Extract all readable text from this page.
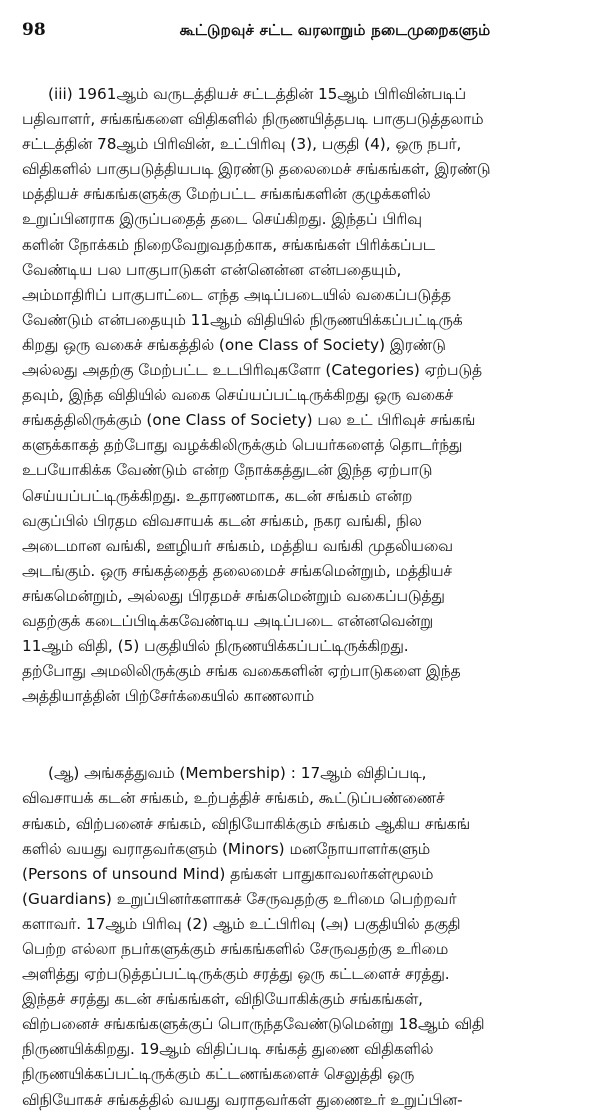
98	கூட்டுறவுச் சட்ட வரலாறும் நடைமுறைகளும்
(iii) 1961ஆம் வருடத்தியச் சட்டத்தின் 15ஆம் பிரிவின்படிப்
பதிவாளர், சங்கங்களை விதிகளில் நிருணயித்தபடி பாகுபடுத்தலாம்
சட்டத்தின் 78ஆம் பிரிவின், உட்பிரிவு (3), பகுதி (4), ஒரு நபர்,
விதிகளில் பாகுபடுத்தியபடி இரண்டு தலைமைச் சங்கங்கள், இரண்டு
மத்தியச் சங்கங்களுக்கு மேற்பட்ட சங்கங்களின் குழுக்களில்
உறுப்பினராக இருப்பதைத் தடை செய்கிறது. இந்தப் பிரிவு
களின் நோக்கம் நிறைவேறுவதற்காக, சங்கங்கள் பிரிக்கப்பட
வேண்டிய பல பாகுபாடுகள் என்னென்ன என்பதையும்,
அம்மாதிரிப் பாகுபாட்டை எந்த அடிப்படையில் வகைப்படுத்த
வேண்டும் என்பதையும் 11ஆம் விதியில் நிருணயிக்கப்பட்டிருக்
கிறது ஒரு வகைச் சங்கத்தில் (one Class of Society) இரண்டு
அல்லது அதற்கு மேற்பட்ட உடபிரிவுகளோ (Categories) ஏற்படுத்
தவும், இந்த விதியில் வகை செய்யப்பட்டிருக்கிறது ஒரு வகைச்
சங்கத்திலிருக்கும் (one Class of Society) பல உட் பிரிவுச் சங்கங்
களுக்காகத் தற்போது வழக்கிலிருக்கும் பெயர்களைத் தொடர்ந்து
உபயோகிக்க வேண்டும் என்ற நோக்கத்துடன் இந்த ஏற்பாடு
செய்யப்பட்டிருக்கிறது. உதாரணமாக, கடன் சங்கம் என்ற
வகுப்பில் பிரதம விவசாயக் கடன் சங்கம், நகர வங்கி, நில
அடைமான வங்கி, ஊழியர் சங்கம், மத்திய வங்கி முதலியவை
அடங்கும். ஒரு சங்கத்தைத் தலைமைச் சங்கமென்றும், மத்தியச்
சங்கமென்றும், அல்லது பிரதமச் சங்கமென்றும் வகைப்படுத்து
வதற்குக் கடைப்பிடிக்கவேண்டிய அடிப்படை என்னவென்று
11ஆம் விதி, (5) பகுதியில் நிருணயிக்கப்பட்டிருக்கிறது.
தற்போது அமலிலிருக்கும் சங்க வகைகளின் ஏற்பாடுகளை இந்த
அத்தியாத்தின் பிற்சேர்க்கையில் காணலாம்
(ஆ) அங்கத்துவம் (Membership) : 17ஆம் விதிப்படி,
விவசாயக் கடன் சங்கம், உற்பத்திச் சங்கம், கூட்டுப்பண்ணைச்
சங்கம், விற்பனைச் சங்கம், விநியோகிக்கும் சங்கம் ஆகிய சங்கங்
களில் வயது வராதவர்களும் (Minors) மனநோயாளர்களும்
(Persons of unsound Mind) தங்கள் பாதுகாவலர்கள்மூலம்
(Guardians) உறுப்பினர்களாகச் சேருவதற்கு உரிமை பெற்றவர்
களாவர். 17ஆம் பிரிவு (2) ஆம் உட்பிரிவு (அ) பகுதியில் தகுதி
பெற்ற எல்லா நபர்களுக்கும் சங்கங்களில் சேருவதற்கு உரிமை
அளித்து ஏற்படுத்தப்பட்டிருக்கும் சரத்து ஒரு கட்டளைச் சரத்து.
இந்தச் சரத்து கடன் சங்கங்கள், விநியோகிக்கும் சங்கங்கள்,
விற்பனைச் சங்கங்களுக்குப் பொருந்தவேண்டுமென்று 18ஆம் விதி
நிருணயிக்கிறது. 19ஆம் விதிப்படி சங்கத் துணை விதிகளில்
நிருணயிக்கப்பட்டிருக்கும் கட்டணங்களைச் செலுத்தி ஒரு
விநியோகச் சங்கத்தில் வயது வராதவர்கள் துணைஉர் உறுப்பின-
